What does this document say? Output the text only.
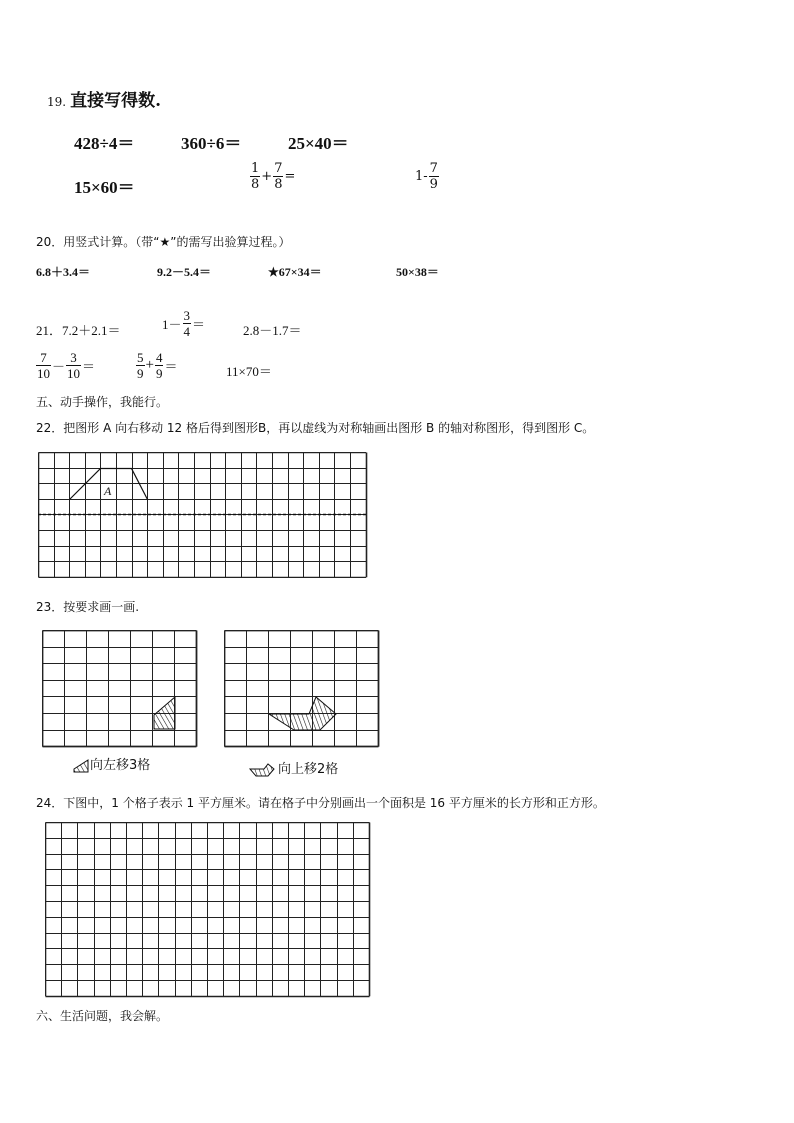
19. 直接写得数.
428÷4＝	360÷6＝	25×40＝
15×60＝	$\frac{1}{8} + \frac{7}{8}$ =	$1- \frac{7}{9}$
20．用竖式计算。（带“★”的需写出验算过程。）
6.8＋3.4＝	9.2－5.4＝	★67×34＝	50×38＝
21．7.2＋2.1＝	$1- \frac{3}{4}$ ＝	2.8－1.7＝
$\frac{7}{10} - \frac{3}{10}$ ＝	$\frac{5}{9} + \frac{4}{9}$ ＝	11×70＝
五、动手操作，我能行。
22．把图形 A 向右移动 12 格后得到图形B，再以虚线为对称轴画出图形 B 的轴对称图形，得到图形 C。
A
23．按要求画一画.
向左移3格	向上移2格
24．下图中，1 个格子表示 1 平方厘米。请在格子中分别画出一个面积是 16 平方厘米的长方形和正方形。
六、生活问题，我会解。
